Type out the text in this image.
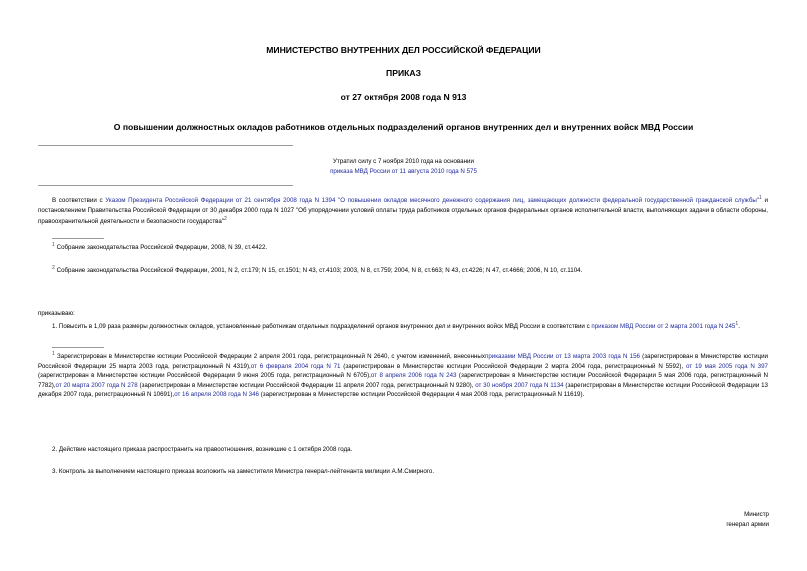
МИНИСТЕРСТВО ВНУТРЕННИХ ДЕЛ РОССИЙСКОЙ ФЕДЕРАЦИИ
ПРИКАЗ
от 27 октября 2008 года N 913
О повышении должностных окладов работников отдельных подразделений органов внутренних дел и внутренних войск МВД России
Утратил силу с 7 ноября 2010 года на основании
приказа МВД России от 11 августа 2010 года N 575
В соответствии с Указом Президента Российской Федерации от 21 сентября 2008 года N 1394 "О повышении окладов месячного денежного содержания лиц, замещающих должности федеральной государственной гражданской службы"$^1$ и постановлением Правительства Российской Федерации от 30 декабря 2000 года N 1027 "Об упорядочении условий оплаты труда работников отдельных органов федеральных органов исполнительной власти, выполняющих задачи в области обороны, правоохранительной деятельности и безопасности государства"$^2$
$^1$ Собрание законодательства Российской Федерации, 2008, N 39, ст.4422.
$^2$ Собрание законодательства Российской Федерации, 2001, N 2, ст.179; N 15, ст.1501; N 43, ст.4103; 2003, N 8, ст.759; 2004, N 8, ст.663; N 43, ст.4226; N 47, ст.4666; 2006, N 10, ст.1104.
приказываю:
1. Повысить в 1,09 раза размеры должностных окладов, установленные работникам отдельных подразделений органов внутренних дел и внутренних войск МВД России в соответствии с приказом МВД России от 2 марта 2001 года N 245$^1$.
$^1$ Зарегистрирован в Министерстве юстиции Российской Федерации 2 апреля 2001 года, регистрационный N 2640, с учетом изменений, внесенныхприказами МВД России от 13 марта 2003 года N 156 (зарегистрирован в Министерстве юстиции Российской Федерации 25 марта 2003 года, регистрационный N 4319),от 6 февраля 2004 года N 71 (зарегистрирован в Министерстве юстиции Российской Федерации 2 марта 2004 года, регистрационный N 5592), от 19 мая 2005 года N 397 (зарегистрирован в Министерстве юстиции Российской Федерации 9 июня 2005 года, регистрационный N 6705),от 8 апреля 2006 года N 243 (зарегистрирован в Министерстве юстиции Российской Федерации 5 мая 2006 года, регистрационный N 7782),от 20 марта 2007 года N 278 (зарегистрирован в Министерстве юстиции Российской Федерации 11 апреля 2007 года, регистрационный N 9280), от 30 ноября 2007 года N 1134 (зарегистрирован в Министерстве юстиции Российской Федерации 13 декабря 2007 года, регистрационный N 10691),от 16 апреля 2008 года N 346 (зарегистрирован в Министерстве юстиции Российской Федерации 4 мая 2008 года, регистрационный N 11619).
2. Действие настоящего приказа распространить на правоотношения, возникшие с 1 октября 2008 года.
3. Контроль за выполнением настоящего приказа возложить на заместителя Министра генерал-лейтенанта милиции А.М.Смирного.
Министр
генерал армии
